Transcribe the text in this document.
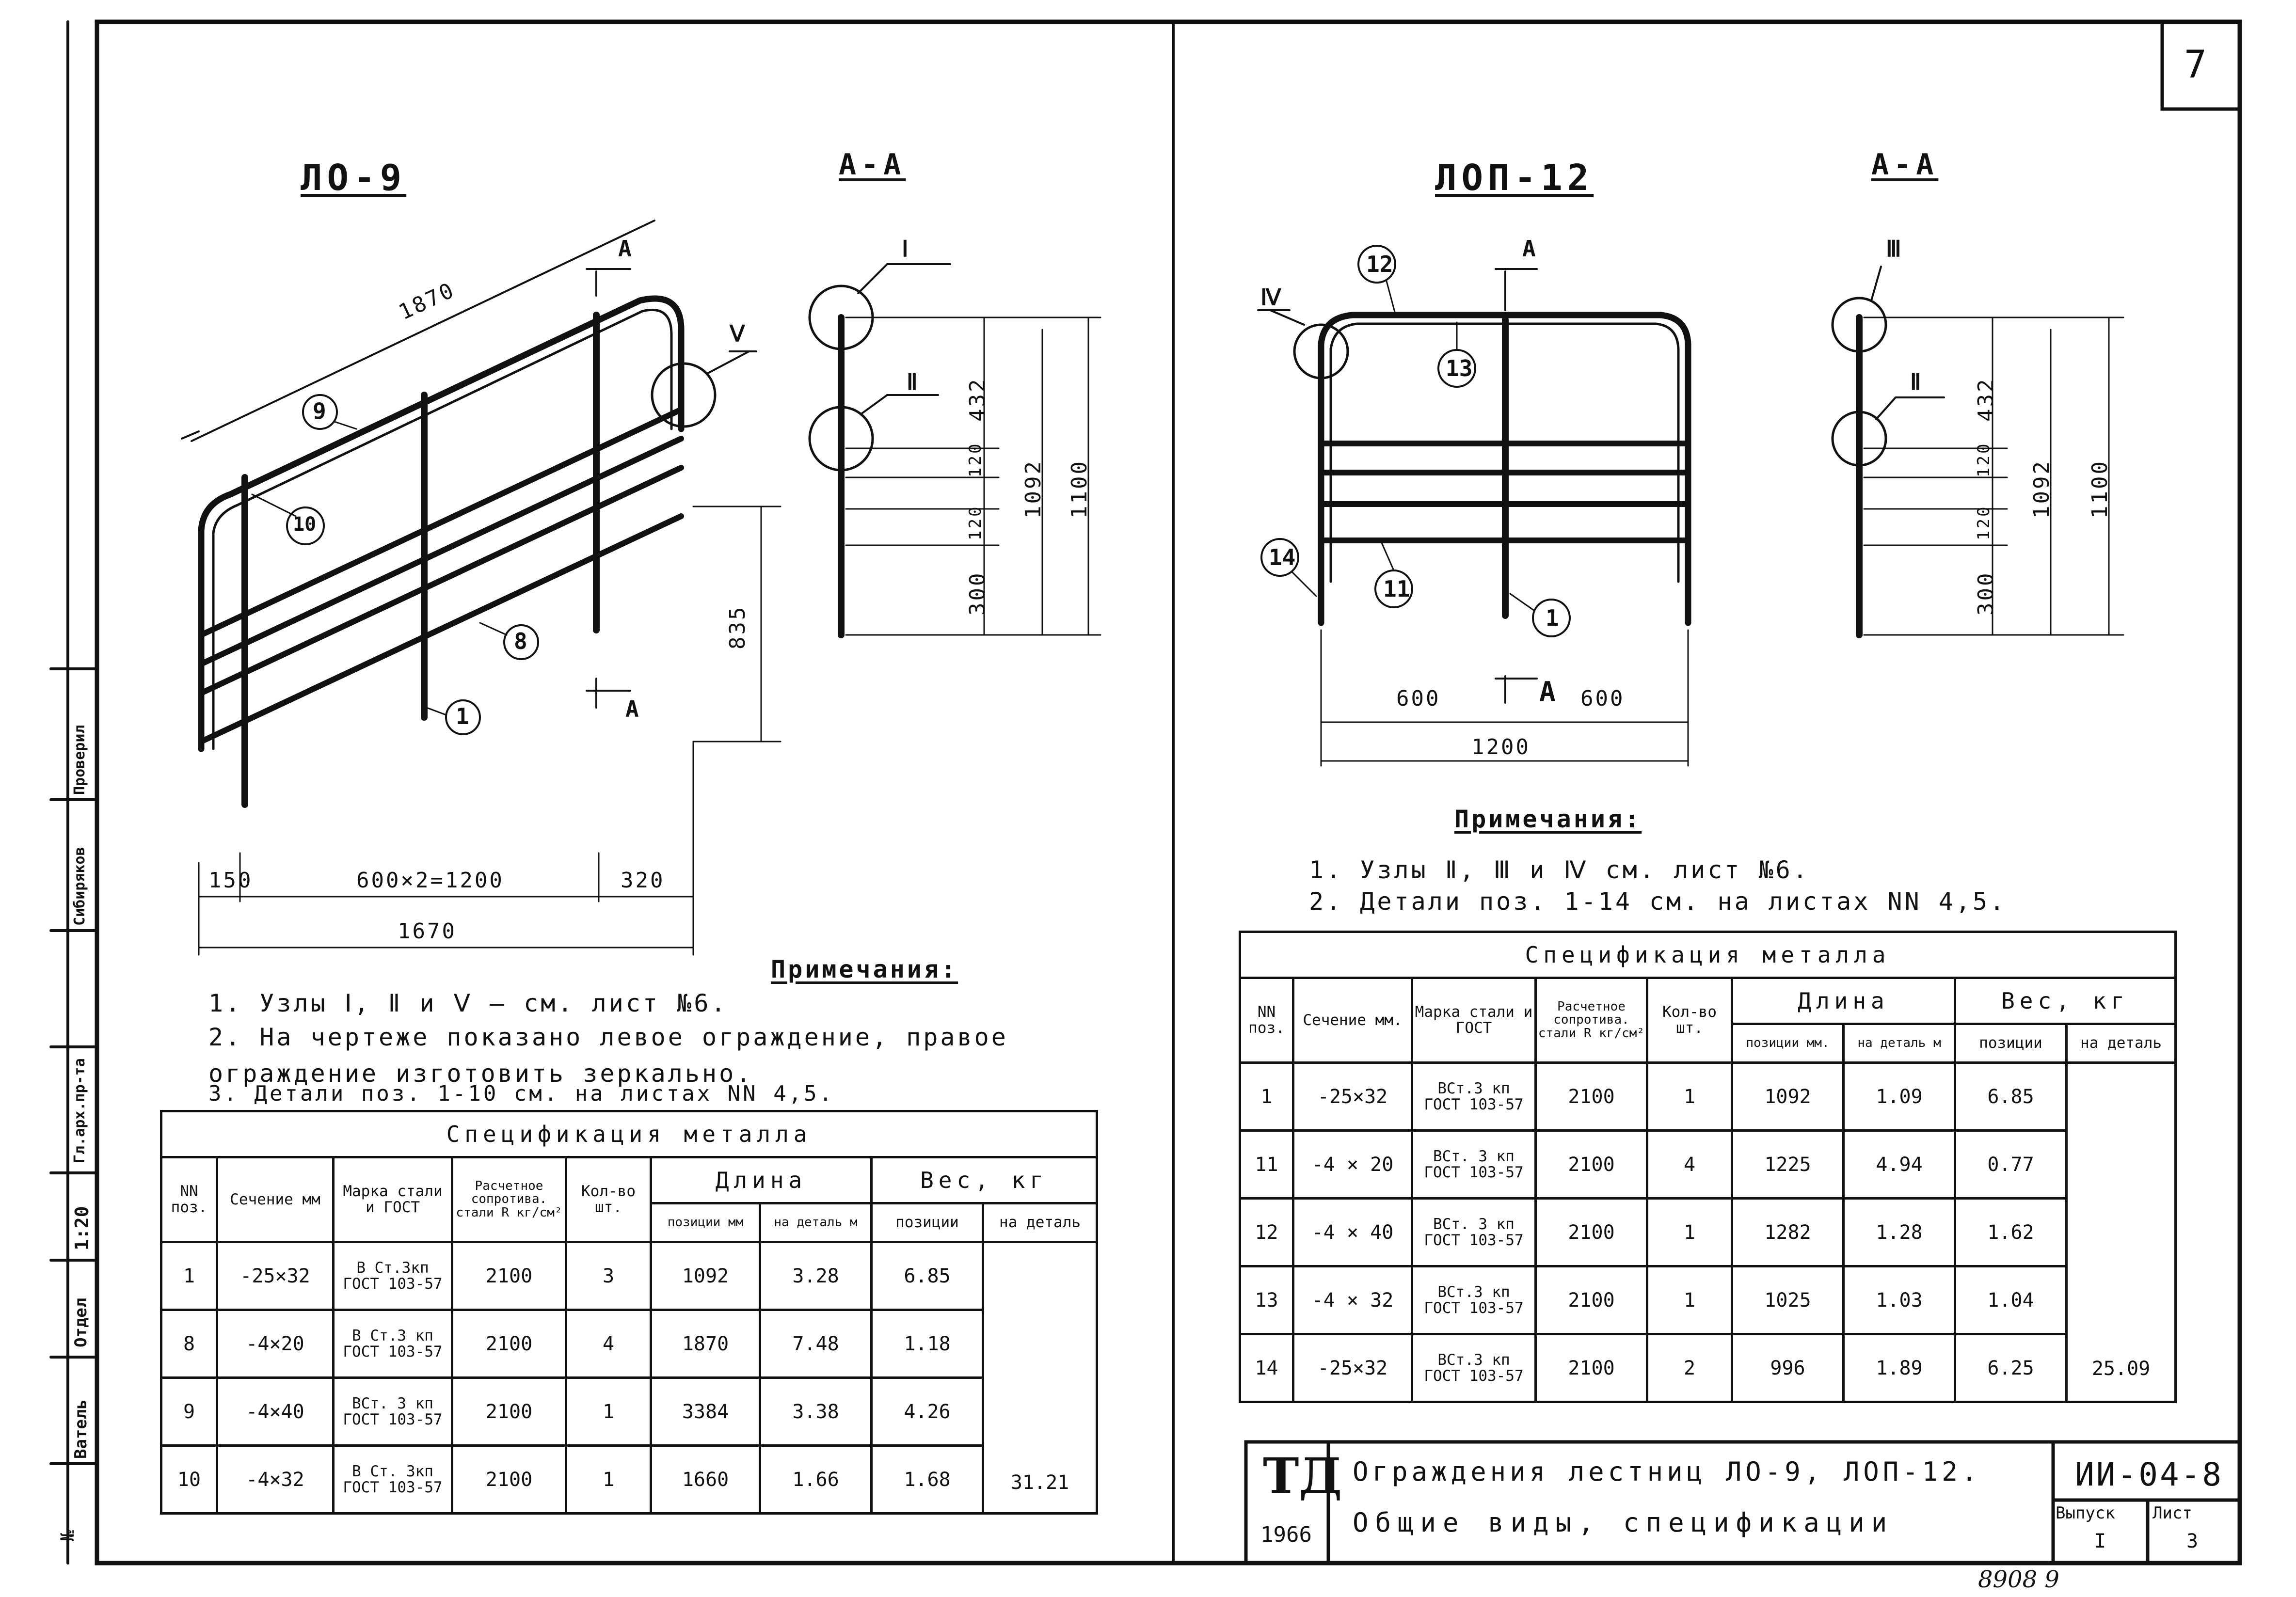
7
№
Ватель
Отдел
1:20
Гл.арх.пр-та
Сибиряков
Проверил
ЛО-9	А-А
1870
835
150	600×2=1200	320
1670
А
А
9
10
8
1
Ⅴ
Ⅰ
Ⅱ 432
120
120
300
1092 1100
Примечания:
1. Узлы Ⅰ, Ⅱ и Ⅴ – см. лист №6.
2. На чертеже показано левое ограждение, правое
ограждение изготовить зеркально.
3. Детали поз. 1-10 см. на листах NN 4,5.
Спецификация металла								
NN поз.	Сечение мм	Марка стали и ГОСТ	Расчетное сопротива. стали R кг/см²	Кол-во шт.	Длина		Вес, кг	
					позиции мм	на деталь м	позиции	на деталь
1	-25×32	В Ст.3кп
ГОСТ 103-57	2100	3	1092	3.28	6.85	31.21
8	-4×20	В Ст.3 кп
ГОСТ 103-57	2100	4	1870	7.48	1.18	
9	-4×40	ВСт. 3 кп
ГОСТ 103-57	2100	1	3384	3.38	4.26	
10	-4×32	В Ст. 3кп
ГОСТ 103-57	2100	1	1660	1.66	1.68	
ЛОП-12	А-А
12
13
14
11
1
Ⅳ
А
А
600	600
1200
Ⅲ
Ⅱ 432
120
120
300
1092 1100
Примечания:
1. Узлы Ⅱ, Ⅲ и Ⅳ см. лист №6.
2. Детали поз. 1-14 см. на листах NN 4,5.
Спецификация металла								
NN поз.	Сечение мм.	Марка стали и ГОСТ	Расчетное сопротива. стали R кг/см²	Кол-во шт.	Длина		Вес, кг	
					позиции мм.	на деталь м	позиции	на деталь
1	-25×32	ВСт.3 кп
ГОСТ 103-57	2100	1	1092	1.09	6.85	25.09
11	-4 × 20	ВСт. 3 кп
ГОСТ 103-57	2100	4	1225	4.94	0.77	
12	-4 × 40	ВСт. 3 кп
ГОСТ 103-57	2100	1	1282	1.28	1.62	
13	-4 × 32	ВСт.3 кп
ГОСТ 103-57	2100	1	1025	1.03	1.04	
14	-25×32	ВСт.3 кп
ГОСТ 103-57	2100	2	996	1.89	6.25	
ТД
1966
Ограждения лестниц ЛО-9, ЛОП-12.
Общие виды, спецификации
ИИ-04-8
Выпуск
I
Лист
3
8908 9
